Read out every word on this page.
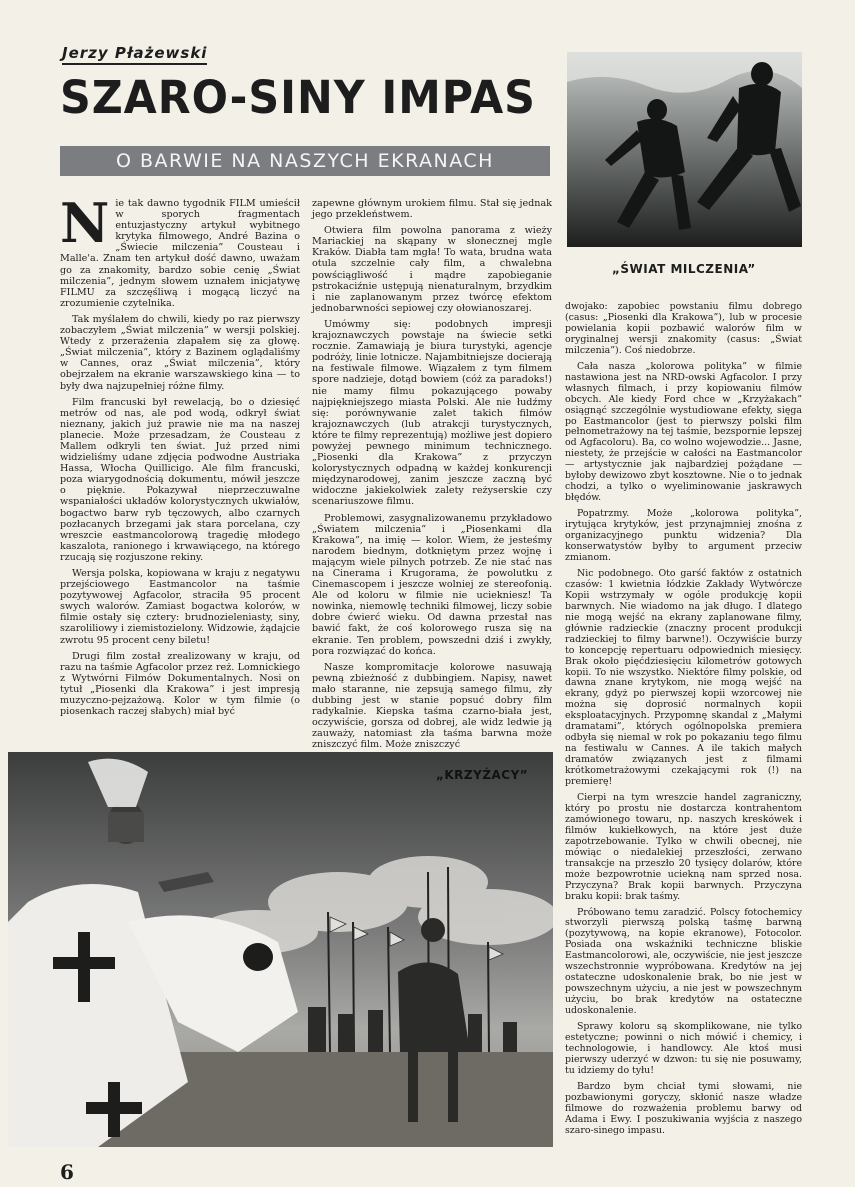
Jerzy Płażewski
SZARO-SINY IMPAS
O BARWIE NA NASZYCH EKRANACH
„ŚWIAT MILCZENIA”

Nie tak dawno tygodnik FILM umieścił w sporych fragmentach entuzjastyczny artykuł wybitnego krytyka filmowego, André Bazina o „Świecie milczenia” Cousteau i Malle'a. Znam ten artykuł dość dawno, uważam go za znakomity, bardzo sobie cenię „Świat milczenia”, jednym słowem uznałem inicjatywę FILMU za szczęśliwą i mogącą liczyć na zrozumienie czytelnika.

Tak myślałem do chwili, kiedy po raz pierwszy zobaczyłem „Świat milczenia” w wersji polskiej. Wtedy z przerażenia złapałem się za głowę. „Świat milczenia”, który z Bazinem oglądaliśmy w Cannes, oraz „Świat milczenia”, który obejrzałem na ekranie warszawskiego kina — to były dwa najzupełniej różne filmy.

Film francuski był rewelacją, bo o dziesięć metrów od nas, ale pod wodą, odkrył świat nieznany, jakich już prawie nie ma na naszej planecie. Może przesadzam, że Cousteau z Mallem odkryli ten świat. Już przed nimi widzieliśmy udane zdjęcia podwodne Austriaka Hassa, Włocha Quillicigo. Ale film francuski, poza wiarygodnością dokumentu, mówił jeszcze o pięknie. Pokazywał nieprzeczuwalne wspaniałości układów kolorystycznych ukwiałów, bogactwo barw ryb tęczowych, albo czarnych pozłacanych brzegami jak stara porcelana, czy wreszcie eastmancolorową tragedię młodego kaszalota, ranionego i krwawiącego, na którego rzucają się rozjuszone rekiny.

Wersja polska, kopiowana w kraju z negatywu przejściowego Eastmancolor na taśmie pozytywowej Agfacolor, straciła 95 procent swych walorów. Zamiast bogactwa kolorów, w filmie ostały się cztery: brudnozieleniasty, siny, szaroliliowy i ziemistozielony. Widzowie, żądajcie zwrotu 95 procent ceny biletu!

Drugi film został zrealizowany w kraju, od razu na taśmie Agfacolor przez reż. Lomnickiego z Wytwórni Filmów Dokumentalnych. Nosi on tytuł „Piosenki dla Krakowa” i jest impresją muzyczno-pejzażową. Kolor w tym filmie (o piosenkach raczej słabych) miał być

zapewne głównym urokiem filmu. Stał się jednak jego przekleństwem.

Otwiera film powolna panorama z wieży Mariackiej na skąpany w słonecznej mgle Kraków. Diabła tam mgła! To wata, brudna wata otula szczelnie cały film, a chwalebna powściągliwość i mądre zapobieganie pstrokaciźnie ustępują nienaturalnym, brzydkim i nie zaplanowanym przez twórcę efektom jednobarwności sepiowej czy ołowianoszarej.

Umówmy się: podobnych impresji krajoznawczych powstaje na świecie setki rocznie. Zamawiają je biura turystyki, agencje podróży, linie lotnicze. Najambitniejsze docierają na festiwale filmowe. Wiązałem z tym filmem spore nadzieje, dotąd bowiem (cóż za paradoks!) nie mamy filmu pokazującego powaby najpiękniejszego miasta Polski. Ale nie łudźmy się: porównywanie zalet takich filmów krajoznawczych (lub atrakcji turystycznych, które te filmy reprezentują) możliwe jest dopiero powyżej pewnego minimum technicznego. „Piosenki dla Krakowa” z przyczyn kolorystycznych odpadną w każdej konkurencji międzynarodowej, zanim jeszcze zaczną być widoczne jakiekolwiek zalety reżyserskie czy scenariuszowe filmu.

Problemowi, zasygnalizowanemu przykładowo „Światem milczenia” i „Piosenkami dla Krakowa”, na imię — kolor. Wiem, że jesteśmy narodem biednym, dotkniętym przez wojnę i mającym wiele pilnych potrzeb. Ze nie stać nas na Cinerama i Krugorama, że powolutku z Cinemascopem i jeszcze wolniej ze stereofonią. Ale od koloru w filmie nie uciekniesz! Ta nowinka, niemowlę techniki filmowej, liczy sobie dobre ćwierć wieku. Od dawna przestał nas bawić fakt, że coś kolorowego rusza się na ekranie. Ten problem, powszedni dziś i zwykły, pora rozwiązać do końca.

Nasze kompromitacje kolorowe nasuwają pewną zbieżność z dubbingiem. Napisy, nawet mało staranne, nie zepsują samego filmu, zły dubbing jest w stanie popsuć dobry film radykalnie. Kiepska taśma czarno-biała jest, oczywiście, gorsza od dobrej, ale widz ledwie ją zauważy, natomiast zła taśma barwna może zniszczyć film. Może zniszczyć

dwojako: zapobiec powstaniu filmu dobrego (casus: „Piosenki dla Krakowa”), lub w procesie powielania kopii pozbawić walorów film w oryginalnej wersji znakomity (casus: „Świat milczenia”). Coś niedobrze.

Cała nasza „kolorowa polityka” w filmie nastawiona jest na NRD-owski Agfacolor. I przy własnych filmach, i przy kopiowaniu filmów obcych. Ale kiedy Ford chce w „Krzyżakach” osiągnąć szczególnie wystudiowane efekty, sięga po Eastmancolor (jest to pierwszy polski film pełnometrażowy na tej taśmie, bezspornie lepszej od Agfacoloru). Ba, co wolno wojewodzie... Jasne, niestety, że przejście w całości na Eastmancolor — artystycznie jak najbardziej pożądane — byłoby dewizowo zbyt kosztowne. Nie o to jednak chodzi, a tylko o wyeliminowanie jaskrawych błędów.

Popatrzmy. Może „kolorowa polityka”, irytująca krytyków, jest przynajmniej znośna z organizacyjnego punktu widzenia? Dla konserwatystów byłby to argument przeciw zmianom.

Nic podobnego. Oto garść faktów z ostatnich czasów: 1 kwietnia łódzkie Zakłady Wytwórcze Kopii wstrzymały w ogóle produkcję kopii barwnych. Nie wiadomo na jak długo. I dlatego nie mogą wejść na ekrany zaplanowane filmy, głównie radzieckie (znaczny procent produkcji radzieckiej to filmy barwne!). Oczywiście burzy to koncepcję repertuaru odpowiednich miesięcy. Brak około pięćdziesięciu kilometrów gotowych kopii. To nie wszystko. Niektóre filmy polskie, od dawna znane krytykom, nie mogą wejść na ekrany, gdyż po pierwszej kopii wzorcowej nie można się doprosić normalnych kopii eksploatacyjnych. Przypomnę skandal z „Małymi dramatami”, których ogólnopolska premiera odbyła się niemal w rok po pokazaniu tego filmu na festiwalu w Cannes. A ile takich małych dramatów związanych jest z filmami krótkometrażowymi czekającymi rok (!) na premierę!

Cierpi na tym wreszcie handel zagraniczny, który po prostu nie dostarcza kontrahentom zamówionego towaru, np. naszych kreskówek i filmów kukiełkowych, na które jest duże zapotrzebowanie. Tylko w chwili obecnej, nie mówiąc o niedalekiej przeszłości, zerwano transakcje na przeszło 20 tysięcy dolarów, które może bezpowrotnie uciekną nam sprzed nosa. Przyczyna? Brak kopii barwnych. Przyczyna braku kopii: brak taśmy.

Próbowano temu zaradzić. Polscy fotochemicy stworzyli pierwszą polską taśmę barwną (pozytywową, na kopie ekranowe), Fotocolor. Posiada ona wskaźniki techniczne bliskie Eastmancolorowi, ale, oczywiście, nie jest jeszcze wszechstronnie wypróbowana. Kredytów na jej ostateczne udoskonalenie brak, bo nie jest w powszechnym użyciu, a nie jest w powszechnym użyciu, bo brak kredytów na ostateczne udoskonalenie.

Sprawy koloru są skomplikowane, nie tylko estetyczne; powinni o nich mówić i chemicy, i technologowie, i handlowcy. Ale ktoś musi pierwszy uderzyć w dzwon: tu się nie posuwamy, tu idziemy do tyłu!

Bardzo bym chciał tymi słowami, nie pozbawionymi goryczy, skłonić nasze władze filmowe do rozważenia problemu barwy od Adama i Ewy. I poszukiwania wyjścia z naszego szaro-sinego impasu.

„KRZYŻACY”
6
